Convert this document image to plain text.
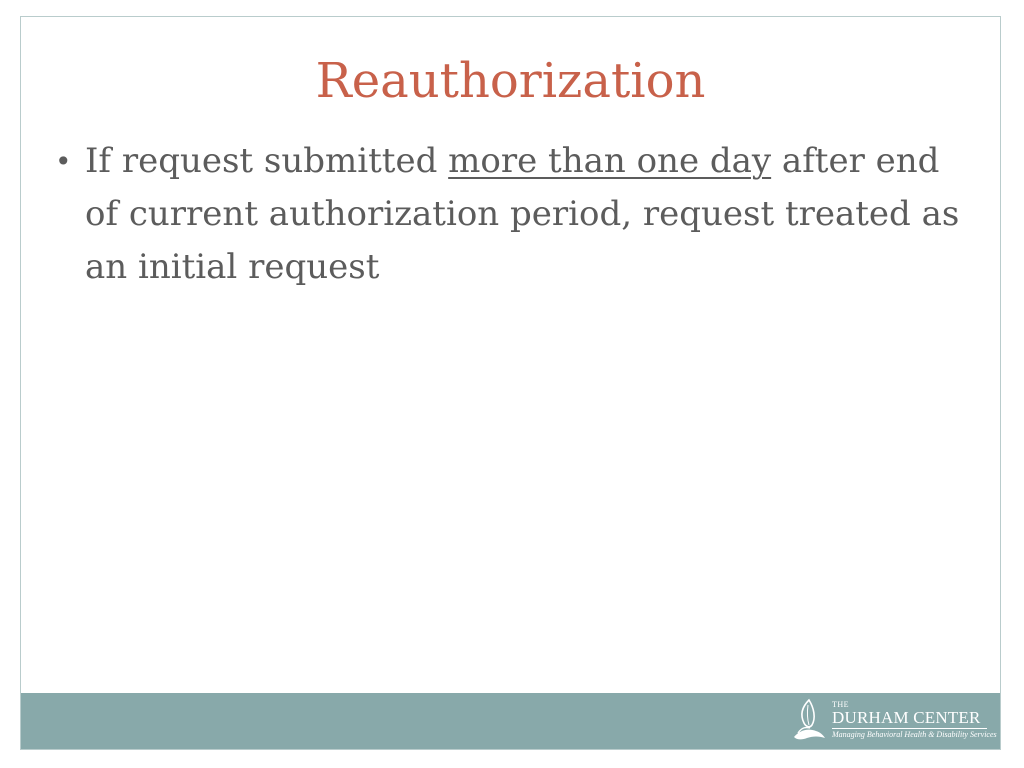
Reauthorization
• If request submitted more than one day after end of current authorization period, request treated as an initial request
THE
DURHAM CENTER
Managing Behavioral Health & Disability Services
